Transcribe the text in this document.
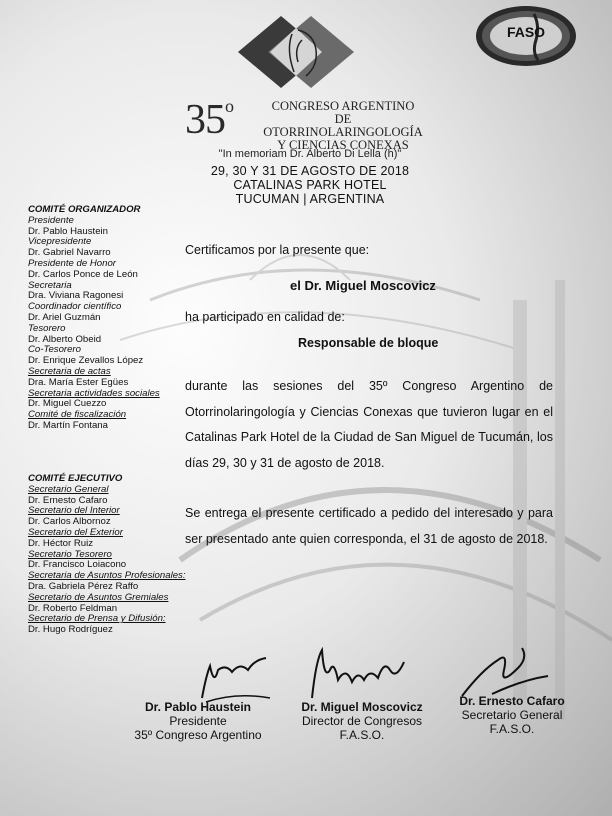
FASO
35$^o$	CONGRESO ARGENTINO
DE OTORRINOLARINGOLOGÍA
Y CIENCIAS CONEXAS
"In memoriam Dr. Alberto Di Lella (h)"
29, 30 Y 31 DE AGOSTO DE 2018
CATALINAS PARK HOTEL
TUCUMAN | ARGENTINA
COMITÉ ORGANIZADOR
Presidente
Dr. Pablo Haustein
Vicepresidente
Dr. Gabriel Navarro
Presidente de Honor
Dr. Carlos Ponce de León
Secretaria
Dra. Viviana Ragonesi
Coordinador científico
Dr. Ariel Guzmán
Tesorero
Dr. Alberto Obeid
Co-Tesorero
Dr. Enrique Zevallos López
Secretaria de actas
Dra. María Ester Egües
Secretaria actividades sociales
Dr. Miguel Cuezzo
Comité de fiscalización
Dr. Martín Fontana
COMITÉ EJECUTIVO
Secretario General
Dr. Ernesto Cafaro
Secretario del Interior
Dr. Carlos Albornoz
Secretario del Exterior
Dr. Héctor Ruiz
Secretario Tesorero
Dr. Francisco Loiacono
Secretaria de Asuntos Profesionales:
Dra. Gabriela Pérez Raffo
Secretario de Asuntos Gremiales
Dr. Roberto Feldman
Secretario de Prensa y Difusión:
Dr. Hugo Rodríguez
Certificamos por la presente que:
el Dr. Miguel Moscovicz
ha participado en calidad de:
Responsable de bloque
durante las sesiones del 35º Congreso Argentino de Otorrinolaringología y Ciencias Conexas que tuvieron lugar en el Catalinas Park Hotel de la Ciudad de San Miguel de Tucumán, los días 29, 30 y 31 de agosto de 2018.
Se entrega el presente certificado a pedido del interesado y para ser presentado ante quien corresponda, el 31 de agosto de 2018.
Dr. Pablo Haustein
Presidente
35º Congreso Argentino
Dr. Miguel Moscovicz
Director de Congresos
F.A.S.O.
Dr. Ernesto Cafaro
Secretario General
F.A.S.O.
